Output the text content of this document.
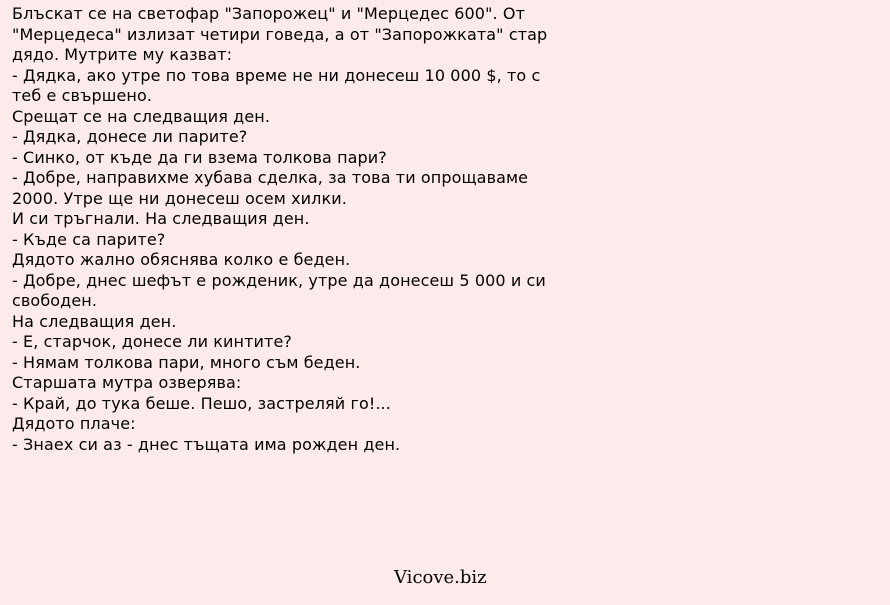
Блъскат се на светофар "Запорожец" и "Мерцедес 600". От
"Мерцедеса" излизат четири говеда, а от "Запорожката" стар
дядо. Мутрите му казват:
- Дядка, ако утре по това време не ни донесеш 10 000 $, то с
теб е свършено.
Срещат се на следващия ден.
- Дядка, донесе ли парите?
- Синко, от къде да ги взема толкова пари?
- Добре, направихме хубава сделка, за това ти опрощаваме
2000. Утре ще ни донесеш осем хилки.
И си тръгнали. На следващия ден.
- Къде са парите?
Дядото жално обяснява колко е беден.
- Добре, днес шефът е рожденик, утре да донесеш 5 000 и си
свободен.
На следващия ден.
- Е, старчок, донесе ли кинтите?
- Нямам толкова пари, много съм беден.
Старшата мутра озверява:
- Край, до тука беше. Пешо, застреляй го!...
Дядото плаче:
- Знаех си аз - днес тъщата има рожден ден.
Vicove.biz
